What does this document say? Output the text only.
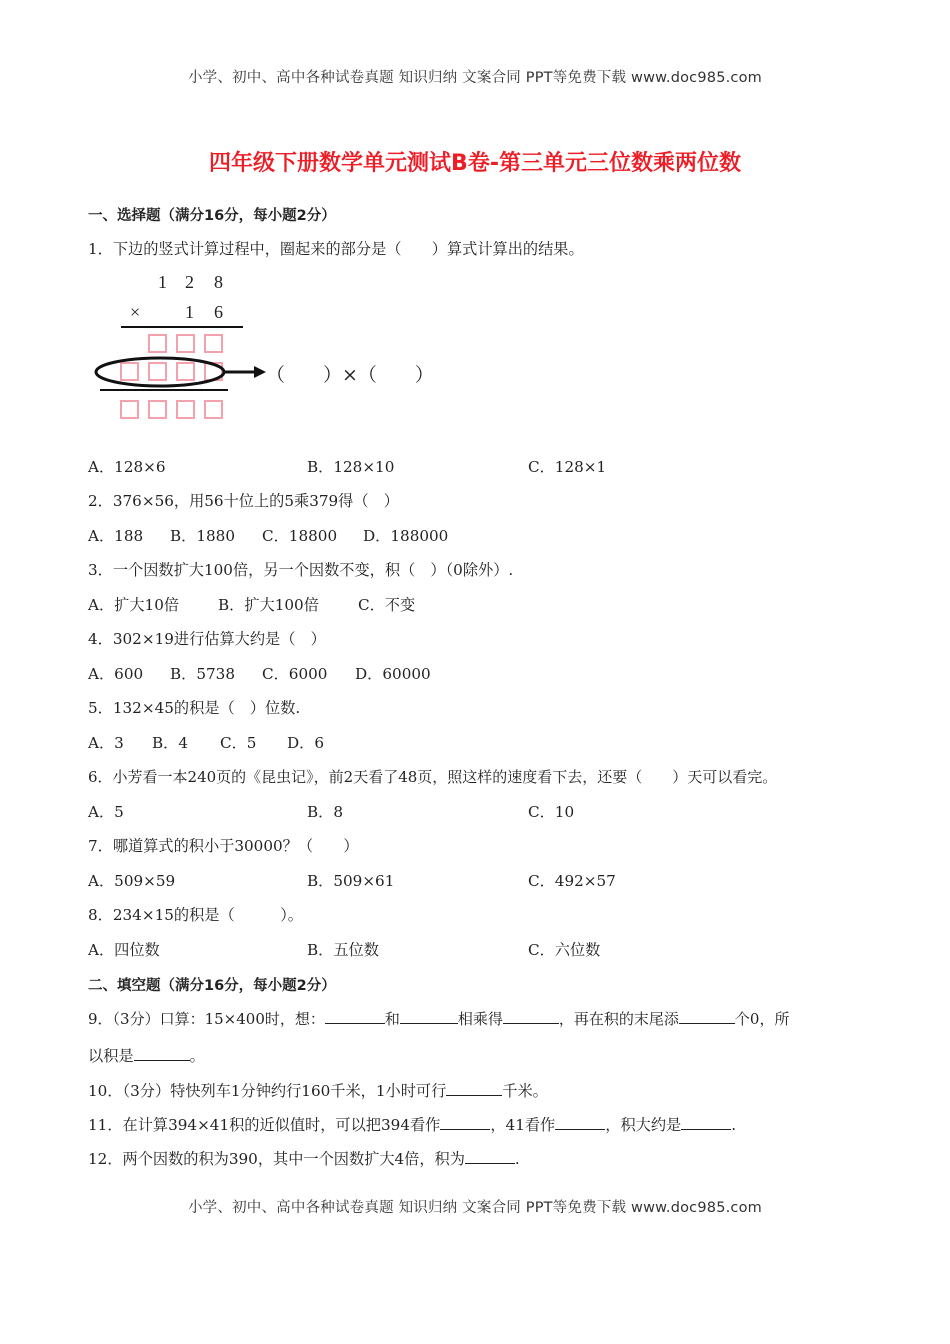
小学、初中、高中各种试卷真题 知识归纳 文案合同 PPT等免费下载 www.doc985.com
四年级下册数学单元测试B卷-第三单元三位数乘两位数
一、选择题（满分16分，每小题2分）
1．下边的竖式计算过程中，圈起来的部分是（　　）算式计算出的结果。
1 2 8
× 1 6
（　　）×（　　）
A．128×6	B．128×10	C．128×1
2．376×56，用56十位上的5乘379得（　）
A．188 B．1880 C．18800 D．188000
3．一个因数扩大100倍，另一个因数不变，积（　）（0除外）.
A．扩大10倍	B．扩大100倍	C．不变
4．302×19进行估算大约是（　）
A．600 B．5738 C．6000 D．60000
5．132×45的积是（　）位数.
A．3 B．4 C．5 D．6
6．小芳看一本240页的《昆虫记》，前2天看了48页，照这样的速度看下去，还要（　　）天可以看完。
A．5	B．8	C．10
7．哪道算式的积小于30000？（　　）
A．509×59	B．509×61	C．492×57
8．234×15的积是（　　　）。
A．四位数	B．五位数	C．六位数
二、填空题（满分16分，每小题2分）
9．（3分）口算：15×400时，想：	和	相乘得	，再在积的末尾添	个0，所
以积是	。
10．（3分）特快列车1分钟约行160千米，1小时可行	千米。
11．在计算394×41积的近似值时，可以把394看作	，41看作	，积大约是	.
12．两个因数的积为390，其中一个因数扩大4倍，积为	.
小学、初中、高中各种试卷真题 知识归纳 文案合同 PPT等免费下载 www.doc985.com
